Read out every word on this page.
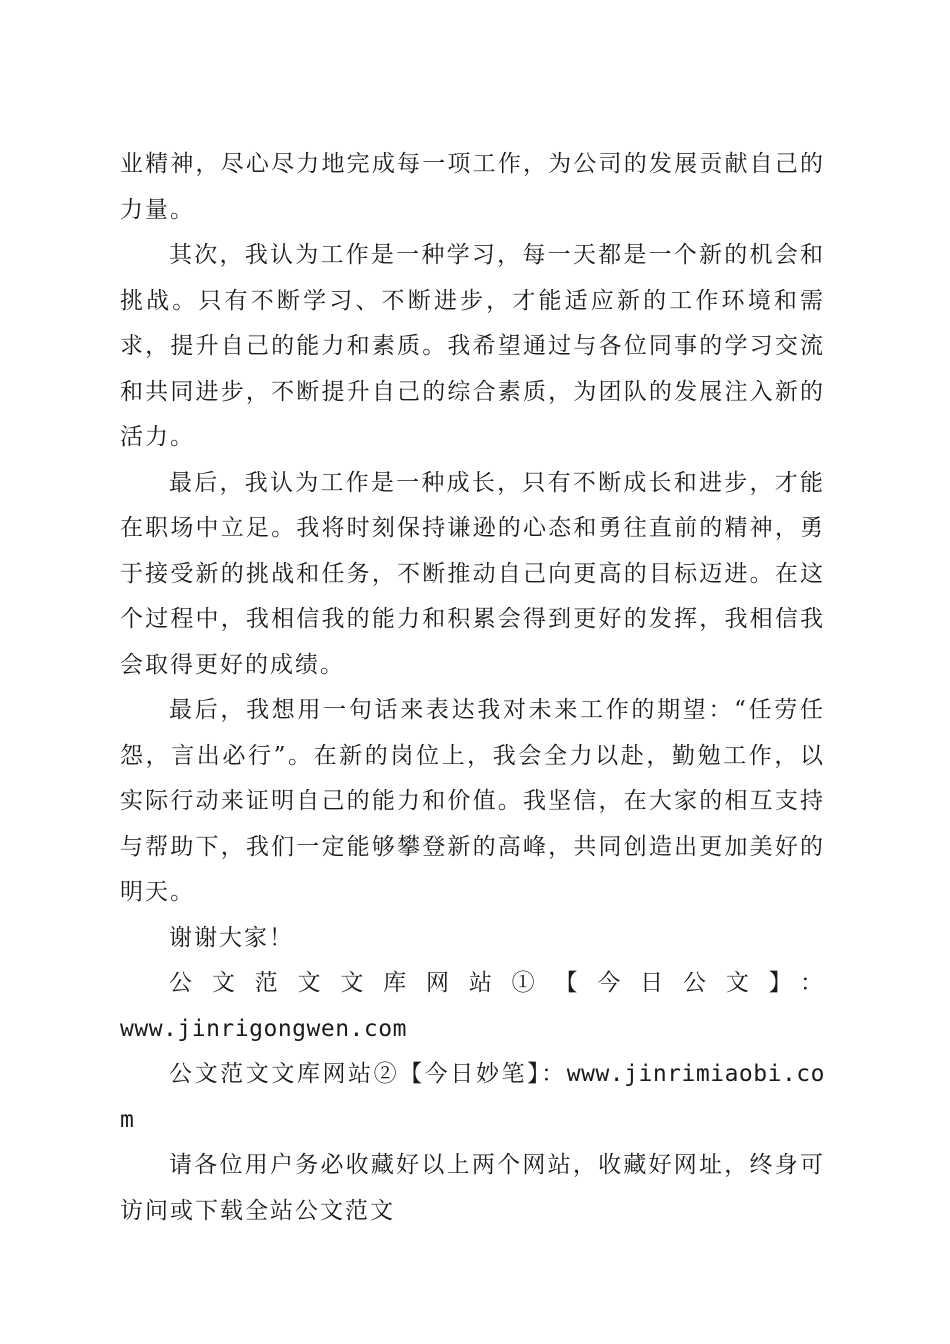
业精神，尽心尽力地完成每一项工作，为公司的发展贡献自己的力量。

其次，我认为工作是一种学习，每一天都是一个新的机会和挑战。只有不断学习、不断进步，才能适应新的工作环境和需求，提升自己的能力和素质。我希望通过与各位同事的学习交流和共同进步，不断提升自己的综合素质，为团队的发展注入新的活力。

最后，我认为工作是一种成长，只有不断成长和进步，才能在职场中立足。我将时刻保持谦逊的心态和勇往直前的精神，勇于接受新的挑战和任务，不断推动自己向更高的目标迈进。在这个过程中，我相信我的能力和积累会得到更好的发挥，我相信我会取得更好的成绩。

最后，我想用一句话来表达我对未来工作的期望：“任劳任怨，言出必行”。在新的岗位上，我会全力以赴，勤勉工作，以实际行动来证明自己的能力和价值。我坚信，在大家的相互支持与帮助下，我们一定能够攀登新的高峰，共同创造出更加美好的明天。

谢谢大家！

公文范文文库网站①【今日公文】：
www.jinrigongwen.com

公文范文文库网站②【今日妙笔】：www.jinrimiaobi.com

请各位用户务必收藏好以上两个网站，收藏好网址，终身可访问或下载全站公文范文
